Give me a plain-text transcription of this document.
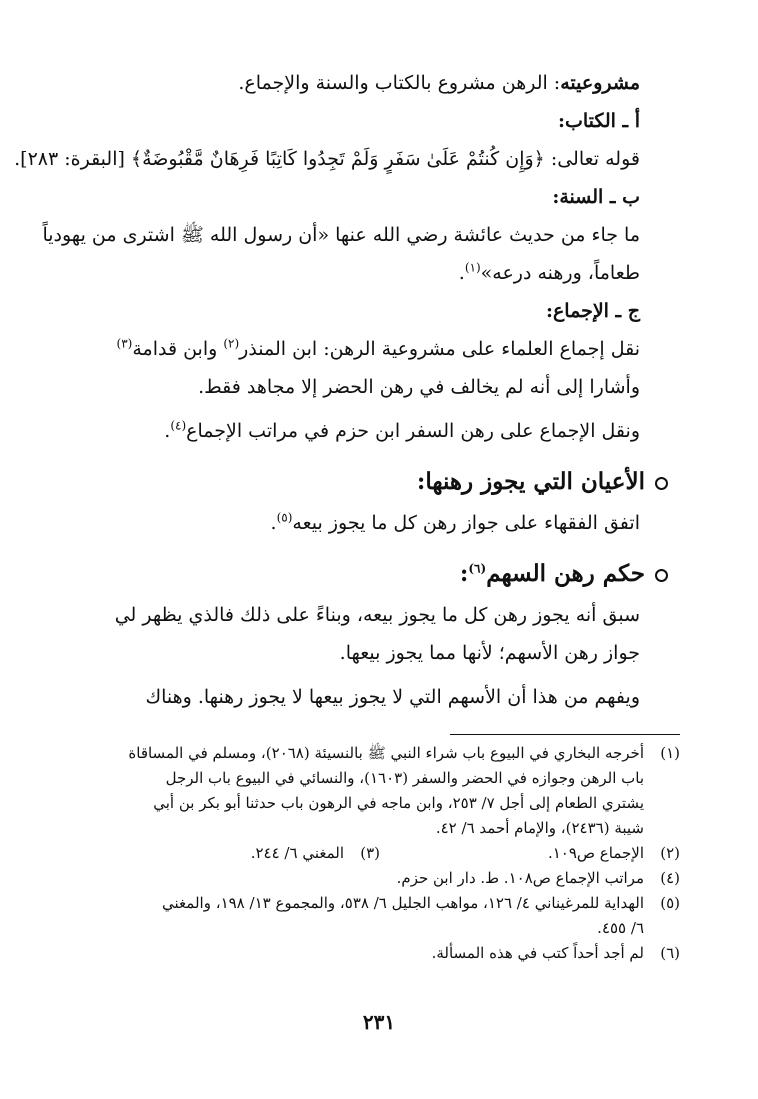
مشروعيته: الرهن مشروع بالكتاب والسنة والإجماع.
أ ـ الكتاب:
قوله تعالى: ﴿وَإِن كُنتُمْ عَلَىٰ سَفَرٍ وَلَمْ تَجِدُوا كَاتِبًا فَرِهَانٌ مَّقْبُوضَةٌ﴾ [البقرة: ٢٨٣].
ب ـ السنة:
ما جاء من حديث عائشة رضي الله عنها «أن رسول الله ﷺ اشترى من يهودياً
طعاماً، ورهنه درعه»$^{(١)}$.
ج ـ الإجماع:
نقل إجماع العلماء على مشروعية الرهن: ابن المنذر$^{(٢)}$ وابن قدامة$^{(٣)}$
وأشارا إلى أنه لم يخالف في رهن الحضر إلا مجاهد فقط.
ونقل الإجماع على رهن السفر ابن حزم في مراتب الإجماع$^{(٤)}$.
الأعيان التي يجوز رهنها:
اتفق الفقهاء على جواز رهن كل ما يجوز بيعه$^{(٥)}$.
حكم رهن السهم$^{(٦)}$:
سبق أنه يجوز رهن كل ما يجوز بيعه، وبناءً على ذلك فالذي يظهر لي
جواز رهن الأسهم؛ لأنها مما يجوز بيعها.
ويفهم من هذا أن الأسهم التي لا يجوز بيعها لا يجوز رهنها. وهناك
(١)
أخرجه البخاري في البيوع باب شراء النبي ﷺ بالنسيئة (٢٠٦٨)، ومسلم في المساقاة
باب الرهن وجوازه في الحضر والسفر (١٦٠٣)، والنسائي في البيوع باب الرجل
يشتري الطعام إلى أجل ٧/ ٢٥٣، وابن ماجه في الرهون باب حدثنا أبو بكر بن أبي
شيبة (٢٤٣٦)، والإمام أحمد ٦/ ٤٢.
(٢)
الإجماع ص١٠٩.
(٣)
المغني ٦/ ٢٤٤.
(٤)
مراتب الإجماع ص١٠٨. ط. دار ابن حزم.
(٥)
الهداية للمرغيناني ٤/ ١٢٦، مواهب الجليل ٦/ ٥٣٨، والمجموع ١٣/ ١٩٨، والمغني
٦/ ٤٥٥.
(٦)
لم أجد أحداً كتب في هذه المسألة.
٢٣١
